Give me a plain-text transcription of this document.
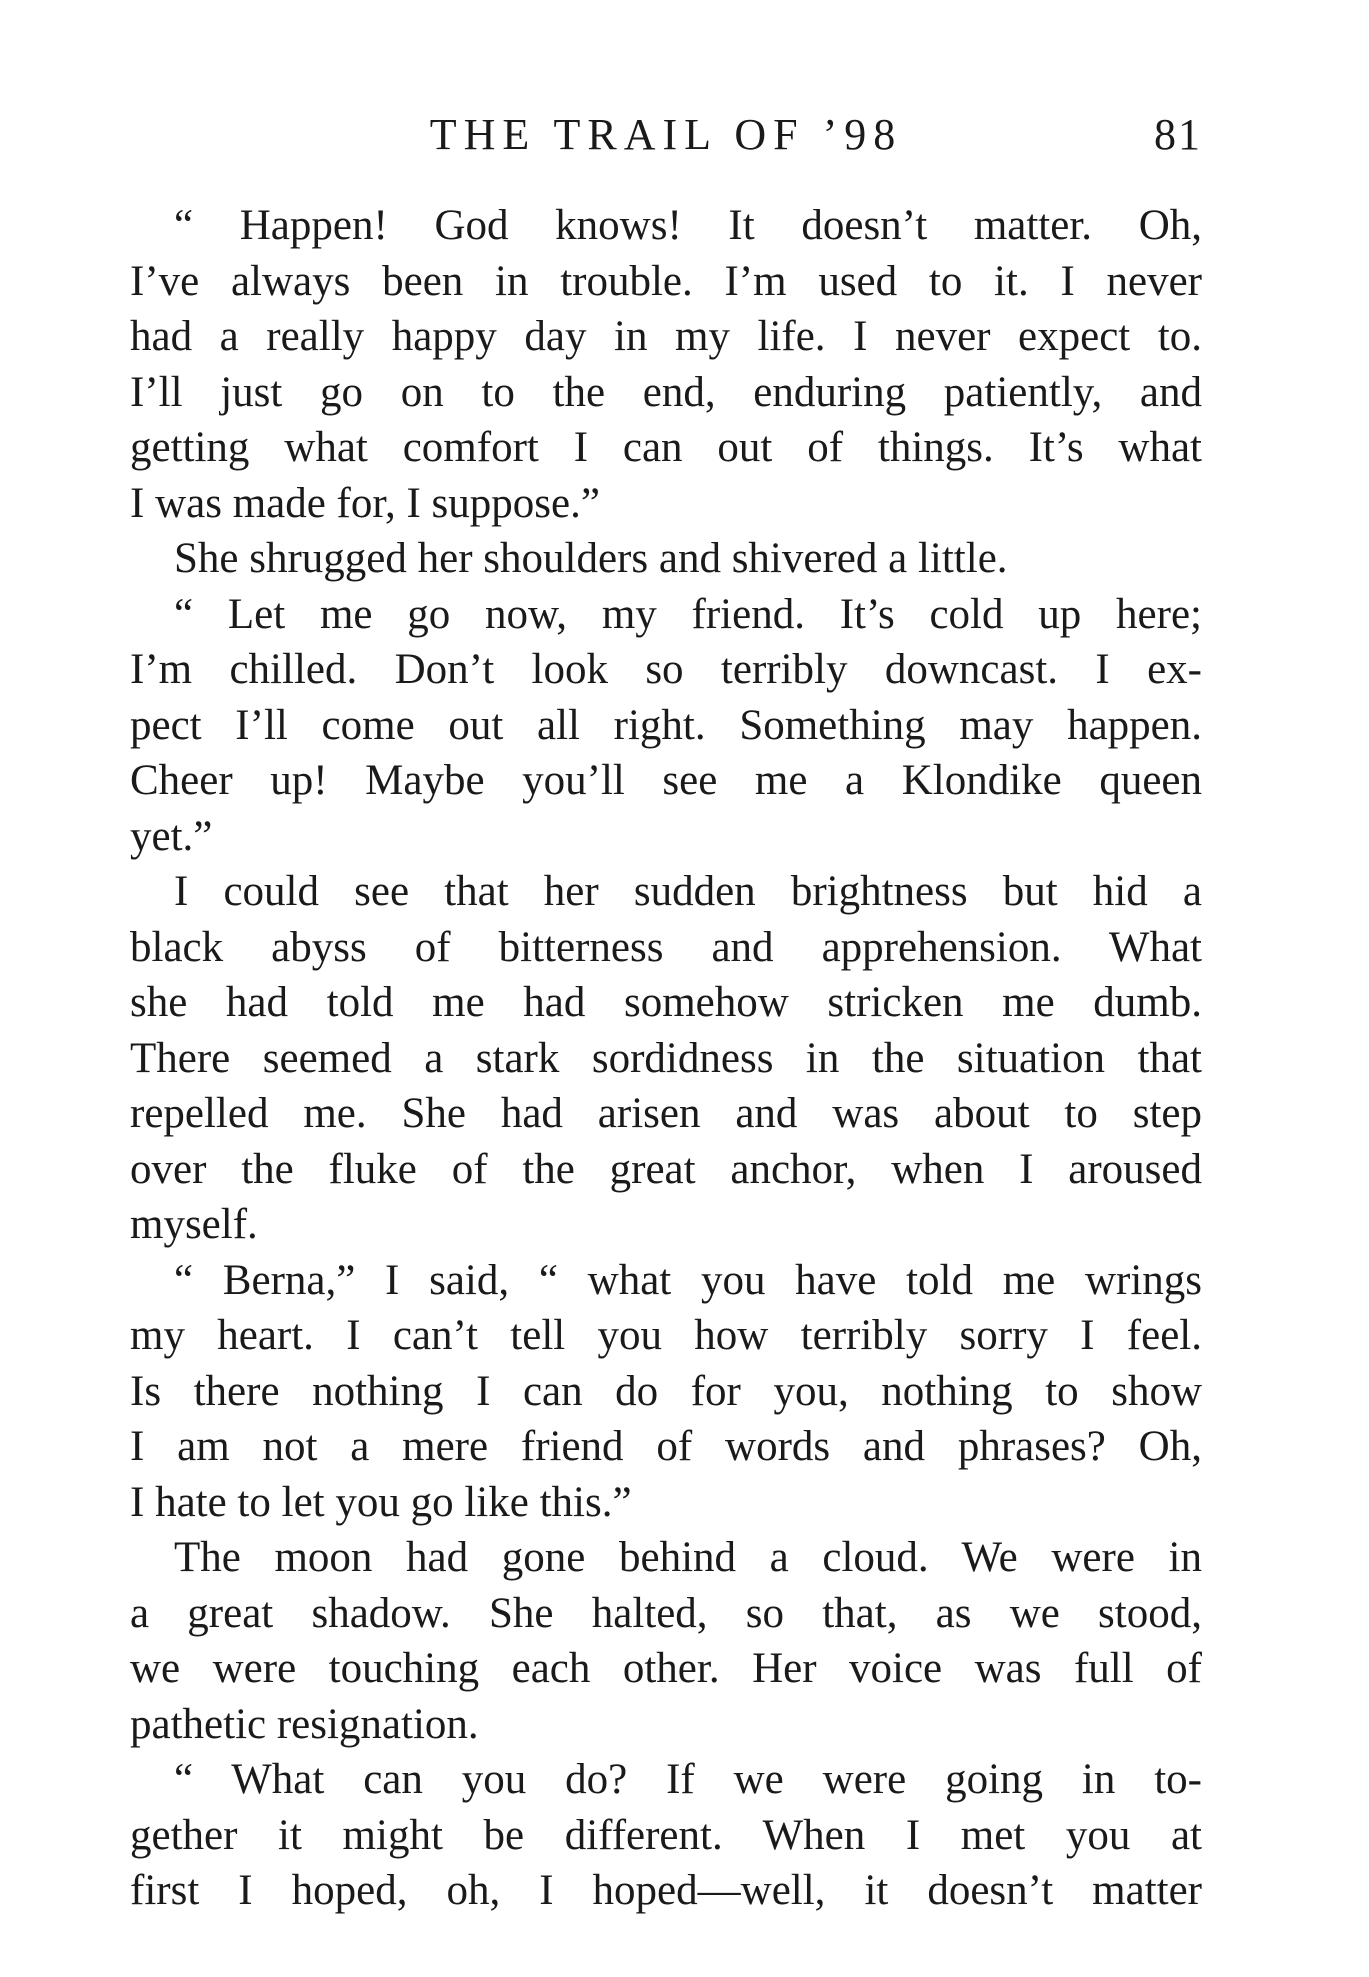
THE TRAIL OF ’98	81
“ Happen! God knows! It doesn’t matter. Oh,
I’ve always been in trouble. I’m used to it. I never
had a really happy day in my life. I never expect to.
I’ll just go on to the end, enduring patiently, and
getting what comfort I can out of things. It’s what
I was made for, I suppose.”
She shrugged her shoulders and shivered a little.
“ Let me go now, my friend. It’s cold up here;
I’m chilled. Don’t look so terribly downcast. I ex-
pect I’ll come out all right. Something may happen.
Cheer up! Maybe you’ll see me a Klondike queen
yet.”
I could see that her sudden brightness but hid a
black abyss of bitterness and apprehension. What
she had told me had somehow stricken me dumb.
There seemed a stark sordidness in the situation that
repelled me. She had arisen and was about to step
over the fluke of the great anchor, when I aroused
myself.
“ Berna,” I said, “ what you have told me wrings
my heart. I can’t tell you how terribly sorry I feel.
Is there nothing I can do for you, nothing to show
I am not a mere friend of words and phrases? Oh,
I hate to let you go like this.”
The moon had gone behind a cloud. We were in
a great shadow. She halted, so that, as we stood,
we were touching each other. Her voice was full of
pathetic resignation.
“ What can you do? If we were going in to-
gether it might be different. When I met you at
first I hoped, oh, I hoped—well, it doesn’t matter
